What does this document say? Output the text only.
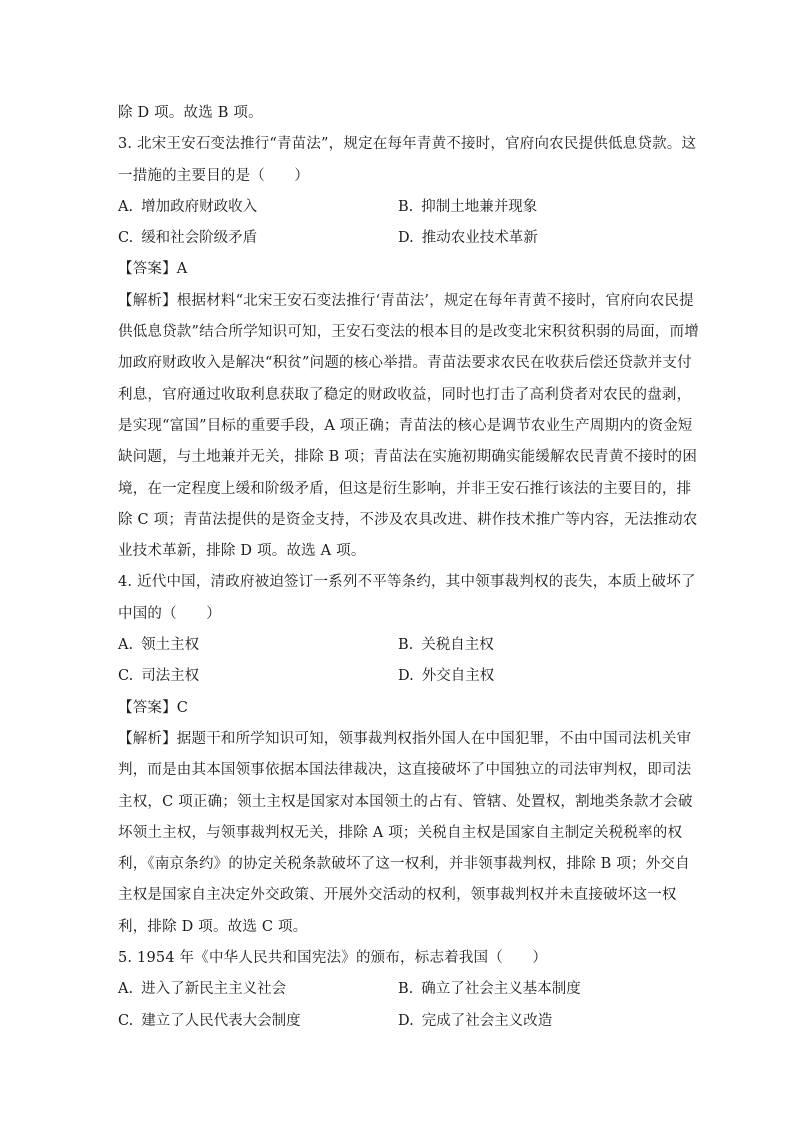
除 D 项。故选 B 项。
3. 北宋王安石变法推行“青苗法”，规定在每年青黄不接时，官府向农民提供低息贷款。这
一措施的主要目的是（　　）
A. 增加政府财政收入	B. 抑制土地兼并现象
C. 缓和社会阶级矛盾	D. 推动农业技术革新
【答案】A
【解析】根据材料“北宋王安石变法推行‘青苗法’，规定在每年青黄不接时，官府向农民提
供低息贷款”结合所学知识可知，王安石变法的根本目的是改变北宋积贫积弱的局面，而增
加政府财政收入是解决“积贫”问题的核心举措。青苗法要求农民在收获后偿还贷款并支付
利息，官府通过收取利息获取了稳定的财政收益，同时也打击了高利贷者对农民的盘剥，
是实现“富国”目标的重要手段，A 项正确；青苗法的核心是调节农业生产周期内的资金短
缺问题，与土地兼并无关，排除 B 项；青苗法在实施初期确实能缓解农民青黄不接时的困
境，在一定程度上缓和阶级矛盾，但这是衍生影响，并非王安石推行该法的主要目的，排
除 C 项；青苗法提供的是资金支持，不涉及农具改进、耕作技术推广等内容，无法推动农
业技术革新，排除 D 项。故选 A 项。
4. 近代中国，清政府被迫签订一系列不平等条约，其中领事裁判权的丧失，本质上破坏了
中国的（　　）
A. 领土主权	B. 关税自主权
C. 司法主权	D. 外交自主权
【答案】C
【解析】据题干和所学知识可知，领事裁判权指外国人在中国犯罪，不由中国司法机关审
判，而是由其本国领事依据本国法律裁决，这直接破坏了中国独立的司法审判权，即司法
主权，C 项正确；领土主权是国家对本国领土的占有、管辖、处置权，割地类条款才会破
坏领土主权，与领事裁判权无关，排除 A 项；关税自主权是国家自主制定关税税率的权
利，《南京条约》的协定关税条款破坏了这一权利，并非领事裁判权，排除 B 项；外交自
主权是国家自主决定外交政策、开展外交活动的权利，领事裁判权并未直接破坏这一权
利，排除 D 项。故选 C 项。
5. 1954 年《中华人民共和国宪法》的颁布，标志着我国（　　）
A. 进入了新民主主义社会	B. 确立了社会主义基本制度
C. 建立了人民代表大会制度	D. 完成了社会主义改造
